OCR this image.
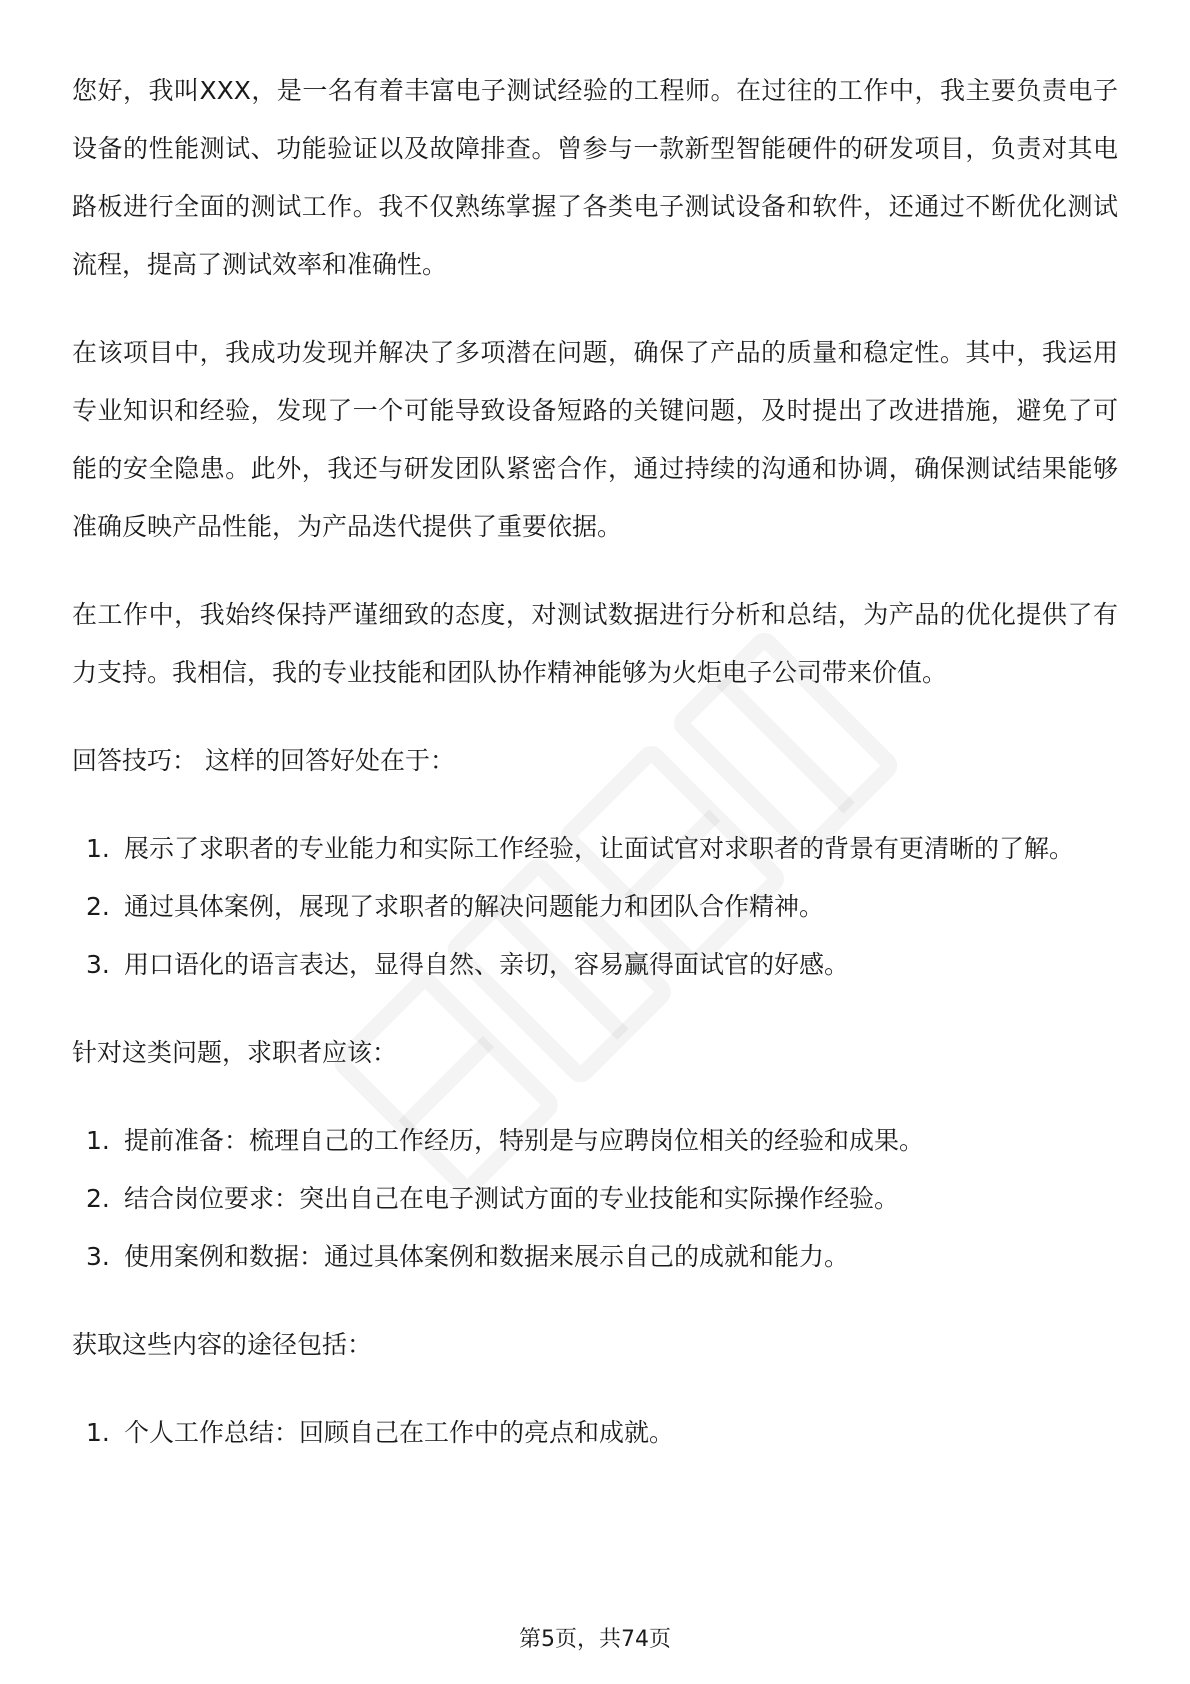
您好，我叫XXX，是一名有着丰富电子测试经验的工程师。在过往的工作中，我主要负责电子设备的性能测试、功能验证以及故障排查。曾参与一款新型智能硬件的研发项目，负责对其电路板进行全面的测试工作。我不仅熟练掌握了各类电子测试设备和软件，还通过不断优化测试流程，提高了测试效率和准确性。

在该项目中，我成功发现并解决了多项潜在问题，确保了产品的质量和稳定性。其中，我运用专业知识和经验，发现了一个可能导致设备短路的关键问题，及时提出了改进措施，避免了可能的安全隐患。此外，我还与研发团队紧密合作，通过持续的沟通和协调，确保测试结果能够准确反映产品性能，为产品迭代提供了重要依据。

在工作中，我始终保持严谨细致的态度，对测试数据进行分析和总结，为产品的优化提供了有力支持。我相信，我的专业技能和团队协作精神能够为火炬电子公司带来价值。

回答技巧： 这样的回答好处在于：

1. 展示了求职者的专业能力和实际工作经验，让面试官对求职者的背景有更清晰的了解。
2. 通过具体案例，展现了求职者的解决问题能力和团队合作精神。
3. 用口语化的语言表达，显得自然、亲切，容易赢得面试官的好感。

针对这类问题，求职者应该：

1. 提前准备：梳理自己的工作经历，特别是与应聘岗位相关的经验和成果。
2. 结合岗位要求：突出自己在电子测试方面的专业技能和实际操作经验。
3. 使用案例和数据：通过具体案例和数据来展示自己的成就和能力。

获取这些内容的途径包括：

1. 个人工作总结：回顾自己在工作中的亮点和成就。
第5页，共74页
